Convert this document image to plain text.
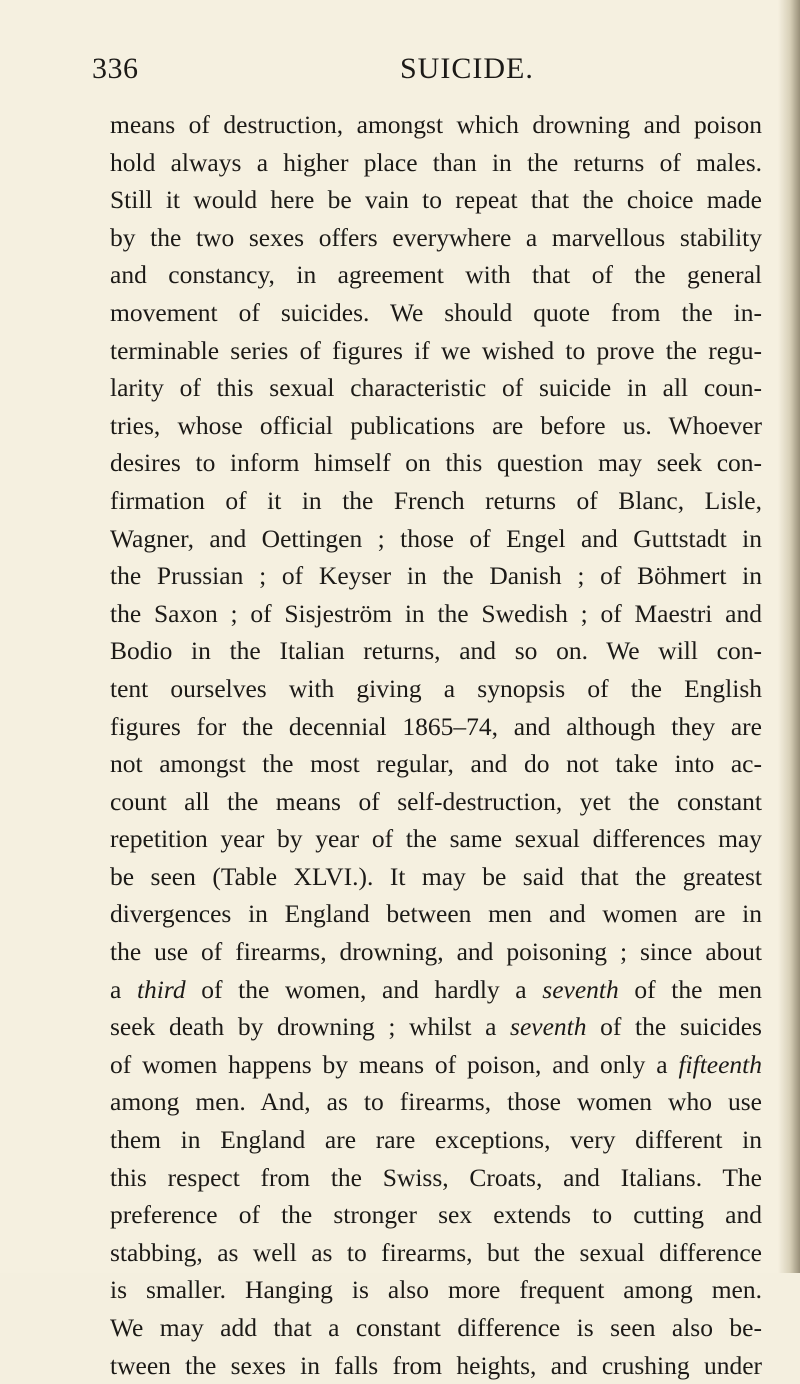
336	SUICIDE.
means of destruction, amongst which drowning and poison
hold always a higher place than in the returns of males.
Still it would here be vain to repeat that the choice made
by the two sexes offers everywhere a marvellous stability
and constancy, in agreement with that of the general
movement of suicides. We should quote from the in-
terminable series of figures if we wished to prove the regu-
larity of this sexual characteristic of suicide in all coun-
tries, whose official publications are before us. Whoever
desires to inform himself on this question may seek con-
firmation of it in the French returns of Blanc, Lisle,
Wagner, and Oettingen ; those of Engel and Guttstadt in
the Prussian ; of Keyser in the Danish ; of Böhmert in
the Saxon ; of Sisjeström in the Swedish ; of Maestri and
Bodio in the Italian returns, and so on. We will con-
tent ourselves with giving a synopsis of the English
figures for the decennial 1865–74, and although they are
not amongst the most regular, and do not take into ac-
count all the means of self-destruction, yet the constant
repetition year by year of the same sexual differences may
be seen (Table XLVI.). It may be said that the greatest
divergences in England between men and women are in
the use of firearms, drowning, and poisoning ; since about
a third of the women, and hardly a seventh of the men
seek death by drowning ; whilst a seventh of the suicides
of women happens by means of poison, and only a fifteenth
among men. And, as to firearms, those women who use
them in England are rare exceptions, very different in
this respect from the Swiss, Croats, and Italians. The
preference of the stronger sex extends to cutting and
stabbing, as well as to firearms, but the sexual difference
is smaller. Hanging is also more frequent among men.
We may add that a constant difference is seen also be-
tween the sexes in falls from heights, and crushing under
